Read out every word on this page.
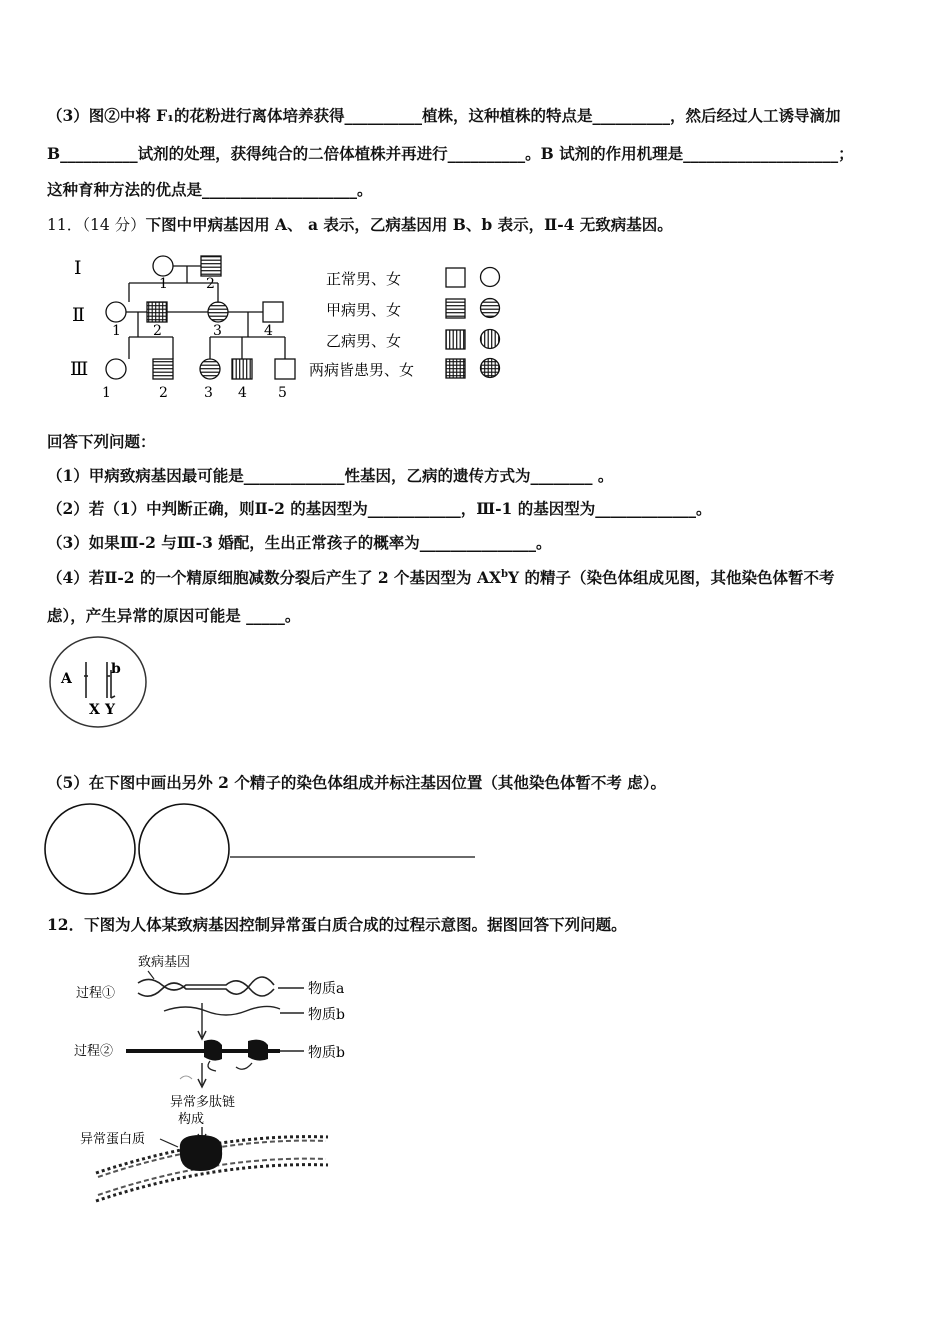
（3）图②中将 F₁的花粉进行离体培养获得__________植株，这种植株的特点是__________，然后经过人工诱导滴加
B__________试剂的处理，获得纯合的二倍体植株并再进行__________。B 试剂的作用机理是____________________；
这种育种方法的优点是____________________。
11．（14 分）下图中甲病基因用 A、 a 表示，乙病基因用 B、b 表示，Ⅱ-4 无致病基因。
Ⅰ
Ⅱ
Ⅲ
1	2
1 2	3	4
1	2	3 4 5
正常男、女
甲病男、女
乙病男、女
两病皆患男、女
回答下列问题：
（1）甲病致病基因最可能是_____________性基因，乙病的遗传方式为________ 。
（2）若（1）中判断正确，则Ⅱ-2 的基因型为____________，Ⅲ-1 的基因型为_____________。
（3）如果Ⅲ-2 与Ⅲ-3 婚配，生出正常孩子的概率为_______________。
（4）若Ⅱ-2 的一个精原细胞减数分裂后产生了 2 个基因型为 $AX^bY$ 的精子（染色体组成见图，其他染色体暂不考
虑），产生异常的原因可能是 _____。
A
b
X Y
（5）在下图中画出另外 2 个精子的染色体组成并标注基因位置（其他染色体暂不考 虑）。
12．下图为人体某致病基因控制异常蛋白质合成的过程示意图。据图回答下列问题。
致病基因
过程①	物质a
物质b
过程②	物质b
异常多肽链
构成
异常蛋白质
